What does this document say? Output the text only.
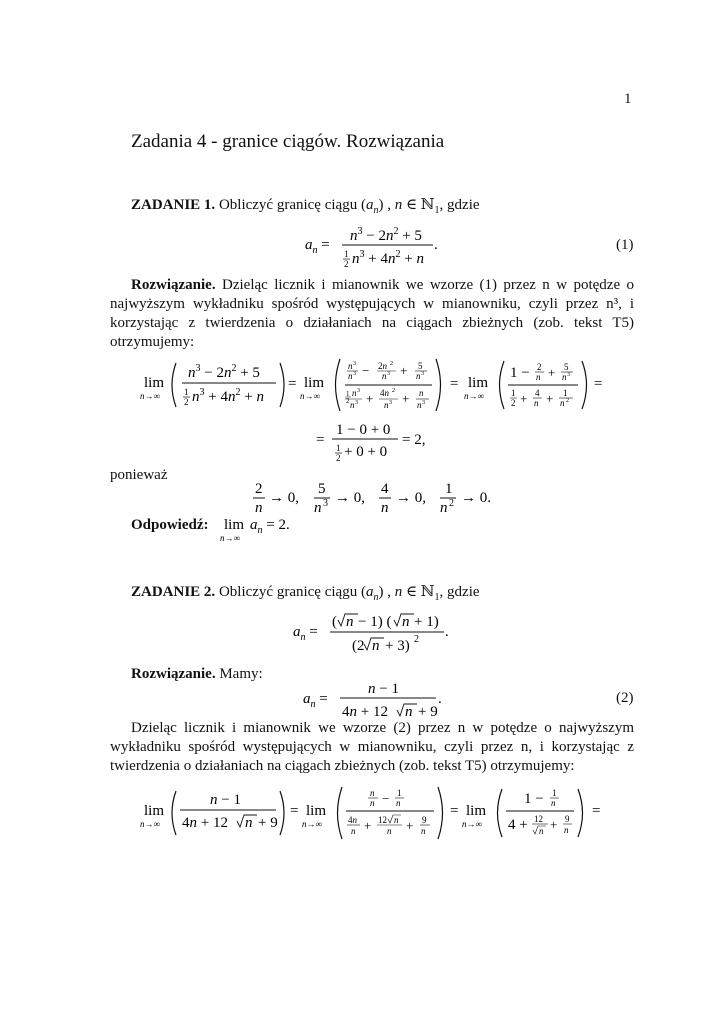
1
Zadania 4 - granice ciągów. Rozwiązania
ZADANIE 1. Obliczyć granicę ciągu $(a_n)$ , n ∈ ℕ$_1$, gdzie
$a_n$ =
$n^3 - 2n^2 + 5$
1
2 $n^3 + 4n^2 + n$
.	(1)
Rozwiązanie. Dzieląc licznik i mianownik we wzorze (1) przez n w potędze o najwyższym wykładniku spośród występujących w mianowniku, czyli przez n³, i korzystając z twierdzenia o działaniach na ciągach zbieżnych (zob. tekst T5) otrzymujemy:
lim
n→∞
$n^3 - 2n^2 + 5$
1
2 $n^3 + 4n^2 + n$
= lim
n→∞
n 3
n 3 − 2n 2
n 3 + 5
n 3
1
2
n 3
n 3 + 4n 2
n 3 + n
n 3
= lim
n→∞
1 − 2
n + 5
n 3
1
2 + 4
n + 1
n 2
=
=
1 − 0 + 0
1
2 + 0 + 0
= 2,
ponieważ
2
n
→ 0,
5
n 3 → 0,
4
n
→ 0,
1
n 2 → 0.
Odpowiedź: lim
n→∞
$a_n = 2$.
ZADANIE 2. Obliczyć granicę ciągu $(a_n)$ , n ∈ ℕ$_1$, gdzie
$a_n$ =
( n − 1) ( n + 1)
(2 n + 3) 2 .
Rozwiązanie. Mamy:
$a_n$ =
n − 1
4n + 12 n + 9
.	(2)
Dzieląc licznik i mianownik we wzorze (2) przez n w potędze o najwyższym wykładniku spośród występujących w mianowniku, czyli przez n, i korzystając z twierdzenia o działaniach na ciągach zbieżnych (zob. tekst T5) otrzymujemy:
lim
n→∞
n − 1
4n + 12 n + 9
= lim
n→∞
n
n − 1
n
4n
n + 12 n
n + 9
n
= lim
n→∞
1 − 1
n
4 + 12
n + 9
n
=
